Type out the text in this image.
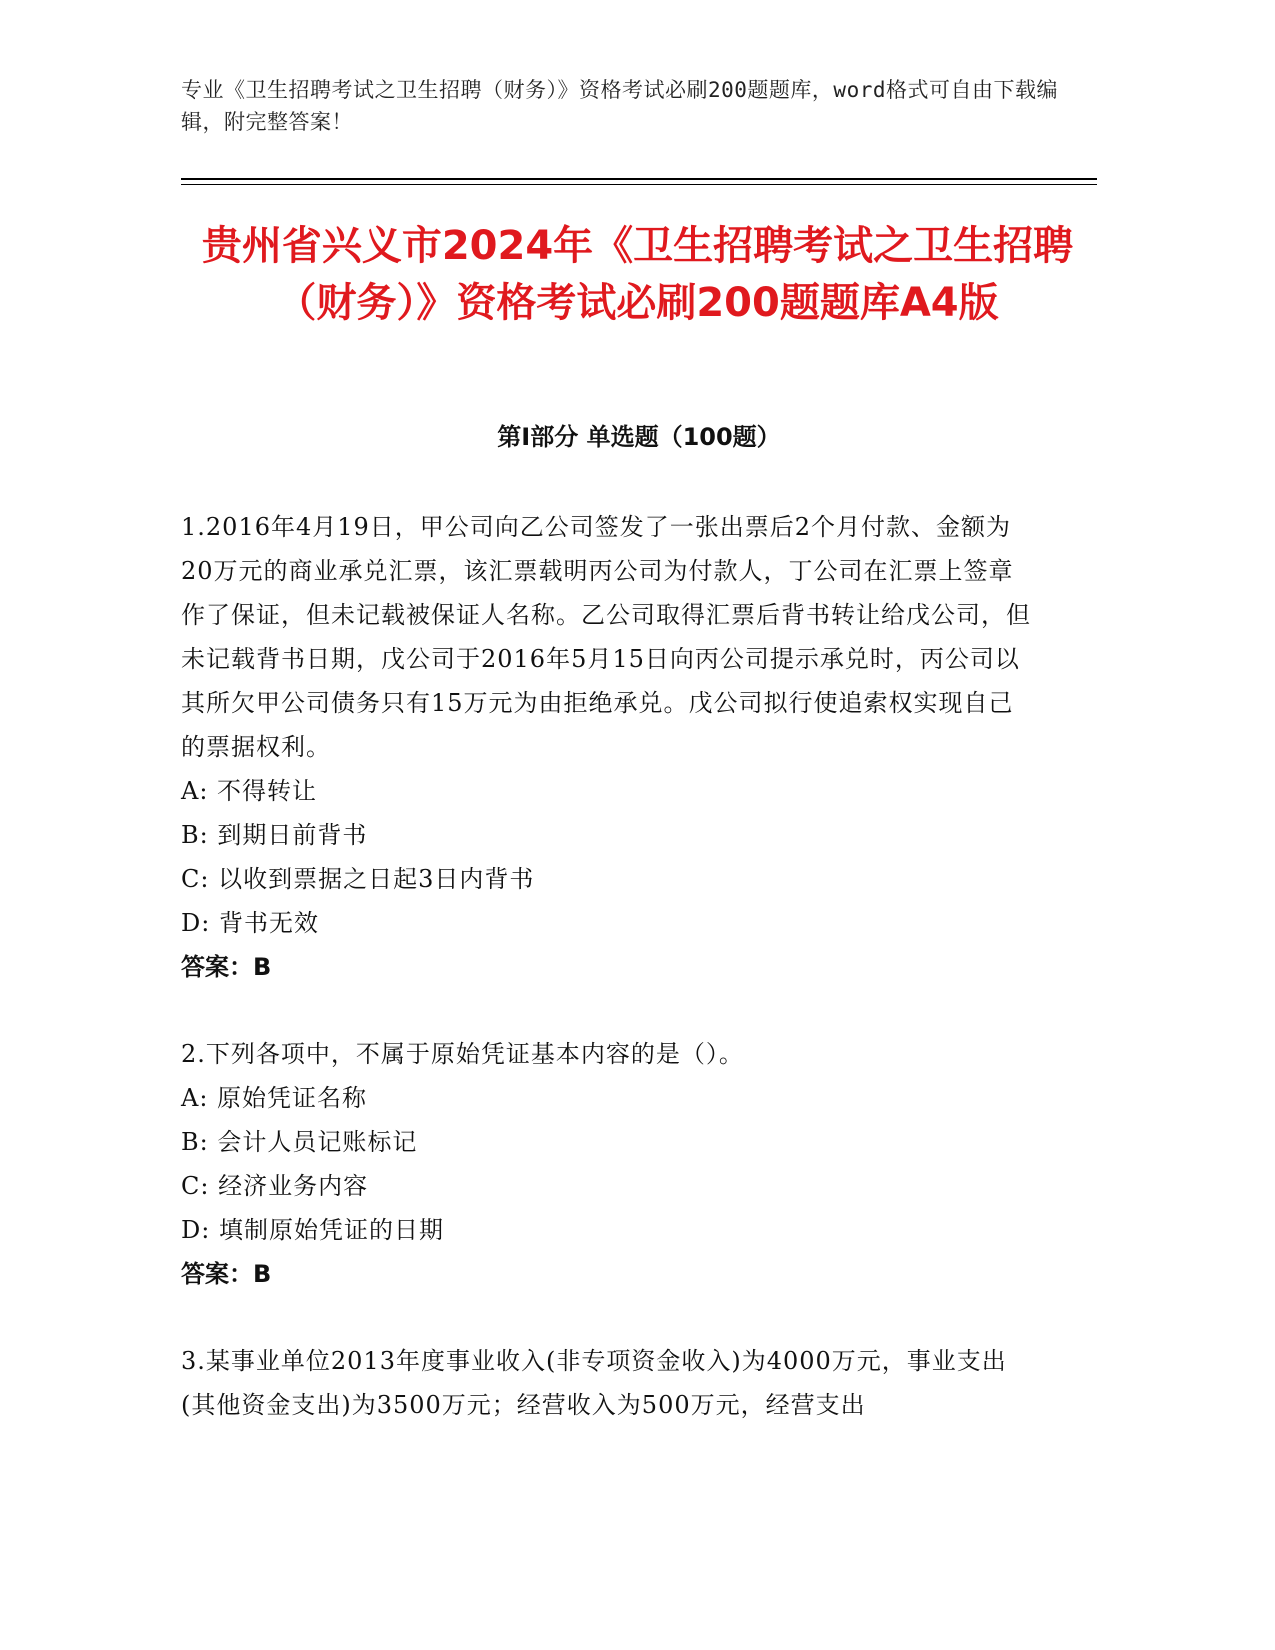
专业《卫生招聘考试之卫生招聘（财务）》资格考试必刷200题题库，word格式可自由下载编辑，附完整答案！
贵州省兴义市2024年《卫生招聘考试之卫生招聘（财务）》资格考试必刷200题题库A4版
第Ⅰ部分 单选题（100题）

1.2016年4月19日，甲公司向乙公司签发了一张出票后2个月付款、金额为20万元的商业承兑汇票，该汇票载明丙公司为付款人，丁公司在汇票上签章作了保证，但未记载被保证人名称。乙公司取得汇票后背书转让给戊公司，但未记载背书日期，戊公司于2016年5月15日向丙公司提示承兑时，丙公司以其所欠甲公司债务只有15万元为由拒绝承兑。戊公司拟行使追索权实现自己的票据权利。

A: 不得转让

B: 到期日前背书

C: 以收到票据之日起3日内背书

D: 背书无效

答案：B

2.下列各项中，不属于原始凭证基本内容的是（）。

A: 原始凭证名称

B: 会计人员记账标记

C: 经济业务内容

D: 填制原始凭证的日期

答案：B

3.某事业单位2013年度事业收入(非专项资金收入)为4000万元，事业支出(其他资金支出)为3500万元；经营收入为500万元，经营支出
